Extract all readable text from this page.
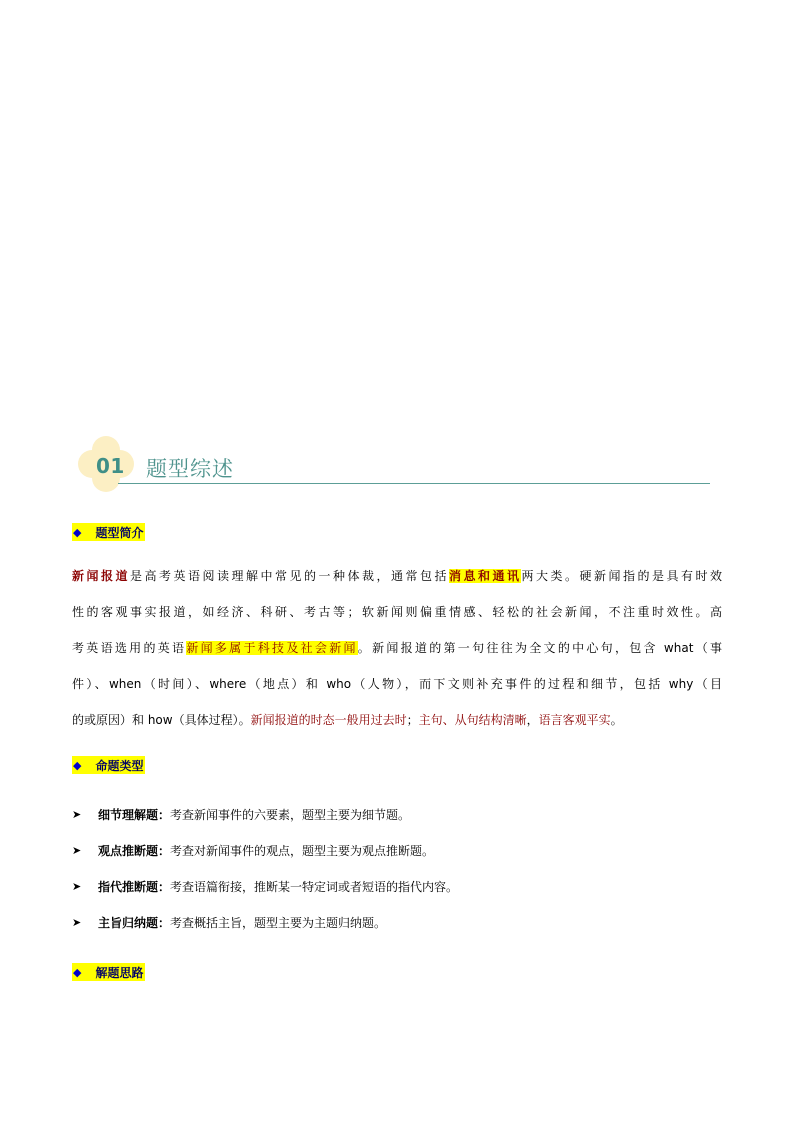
01 题型综述
◆ 题型简介

新闻报道是高考英语阅读理解中常见的一种体裁，通常包括消息和通讯两大类。硬新闻指的是具有时效

性的客观事实报道，如经济、科研、考古等；软新闻则偏重情感、轻松的社会新闻，不注重时效性。高

考英语选用的英语新闻多属于科技及社会新闻。新闻报道的第一句往往为全文的中心句，包含 what（事

件）、when（时间）、where（地点）和 who（人物），而下文则补充事件的过程和细节，包括 why（目

的或原因）和 how（具体过程）。新闻报道的时态一般用过去时；主句、从句结构清晰，语言客观平实。

◆ 命题类型
➤ 细节理解题： 考查新闻事件的六要素，题型主要为细节题。
➤ 观点推断题： 考查对新闻事件的观点，题型主要为观点推断题。
➤ 指代推断题： 考查语篇衔接，推断某一特定词或者短语的指代内容。
➤ 主旨归纳题： 考查概括主旨，题型主要为主题归纳题。
◆ 解题思路
